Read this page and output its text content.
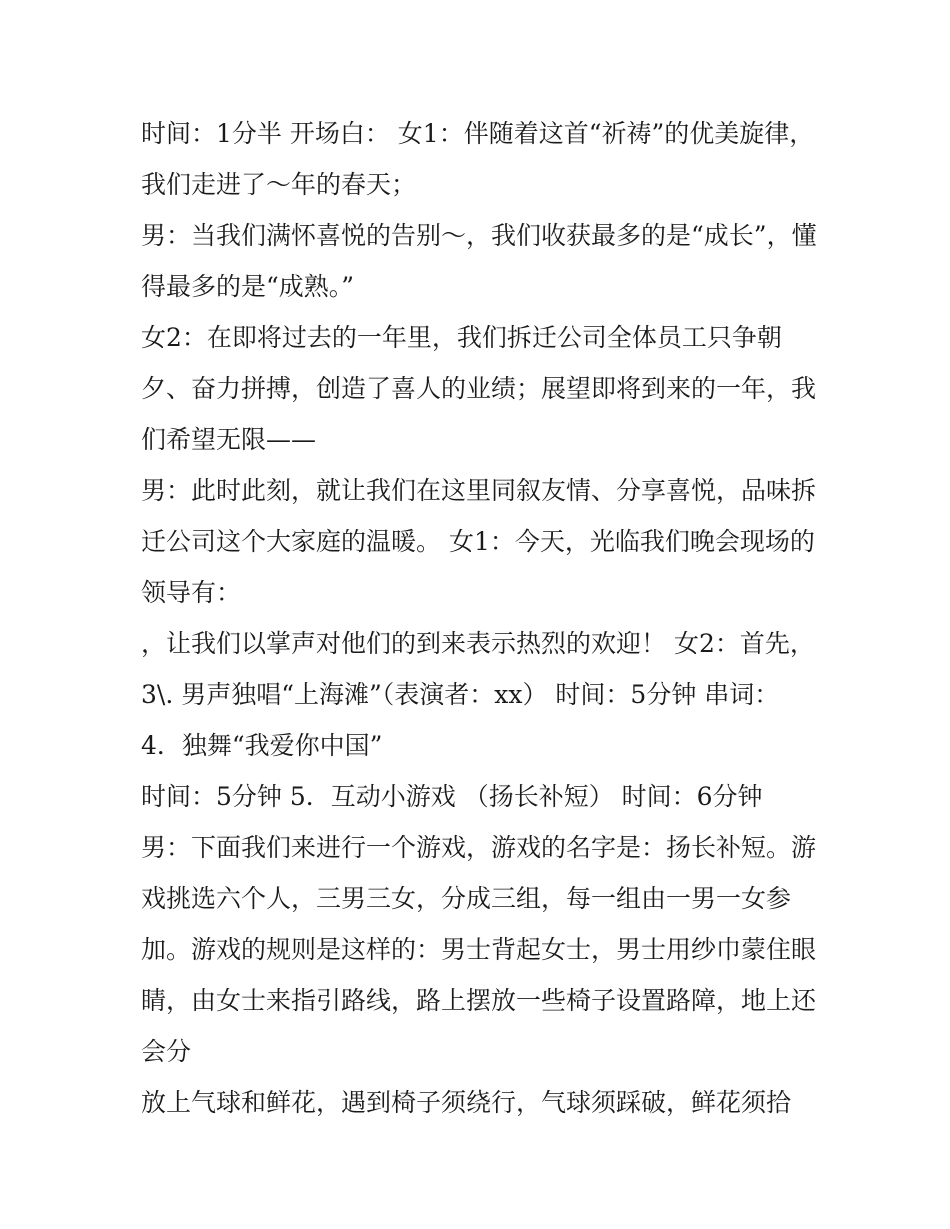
时间：1分半 开场白： 女1：伴随着这首“祈祷”的优美旋律，
我们走进了～年的春天；
男：当我们满怀喜悦的告别～，我们收获最多的是“成长”，懂
得最多的是“成熟。”
女2：在即将过去的一年里，我们拆迁公司全体员工只争朝
夕、奋力拼搏，创造了喜人的业绩；展望即将到来的一年，我
们希望无限——
男：此时此刻，就让我们在这里同叙友情、分享喜悦，品味拆
迁公司这个大家庭的温暖。 女1：今天，光临我们晚会现场的
领导有：
，让我们以掌声对他们的到来表示热烈的欢迎！ 女2：首先，
3\. 男声独唱“上海滩”（表演者：xx） 时间：5分钟 串词：
4．独舞“我爱你中国”
时间：5分钟 5．互动小游戏 （扬长补短） 时间：6分钟
男：下面我们来进行一个游戏，游戏的名字是：扬长补短。游
戏挑选六个人，三男三女，分成三组，每一组由一男一女参
加。游戏的规则是这样的：男士背起女士，男士用纱巾蒙住眼
睛，由女士来指引路线，路上摆放一些椅子设置路障，地上还
会分
放上气球和鲜花，遇到椅子须绕行，气球须踩破，鲜花须拾
